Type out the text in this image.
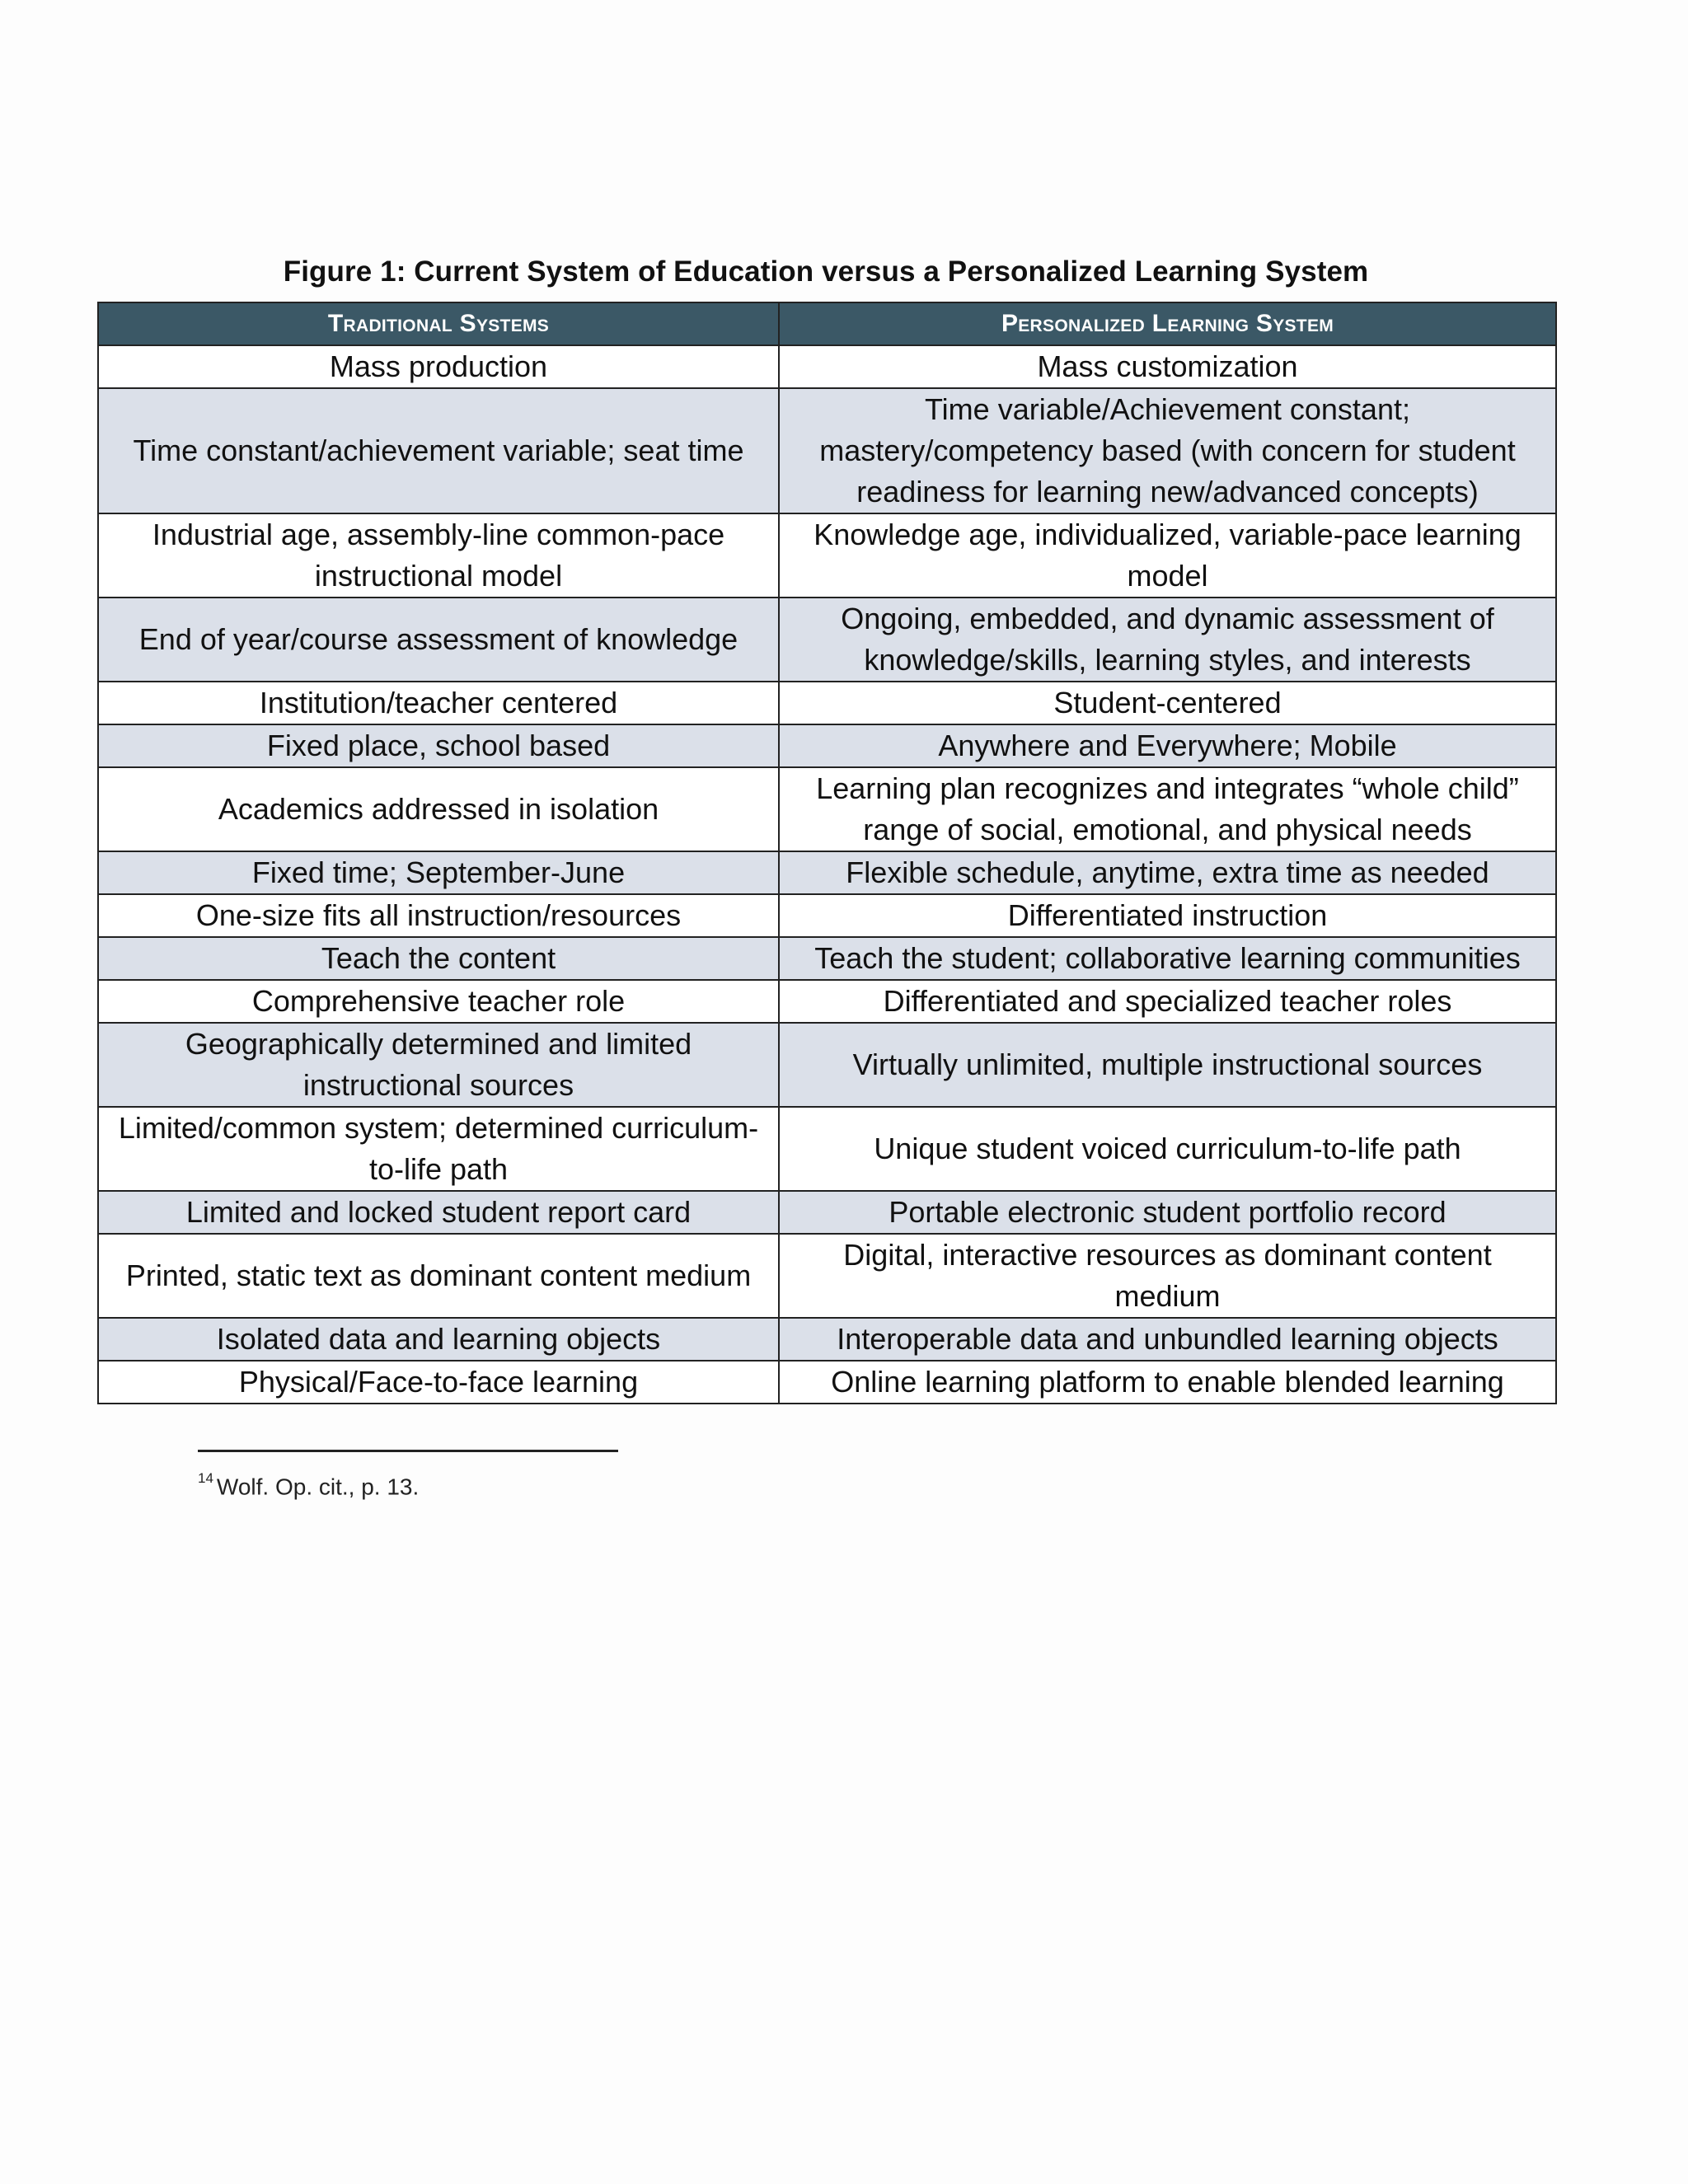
Figure 1: Current System of Education versus a Personalized Learning System
Traditional Systems	Personalized Learning System
Mass production	Mass customization
Time constant/achievement variable; seat time	Time variable/Achievement constant; mastery/competency based (with concern for student readiness for learning new/advanced concepts)
Industrial age, assembly-line common-pace instructional model	Knowledge age, individualized, variable-pace learning model
End of year/course assessment of knowledge	Ongoing, embedded, and dynamic assessment of knowledge/skills, learning styles, and interests
Institution/teacher centered	Student-centered
Fixed place, school based	Anywhere and Everywhere; Mobile
Academics addressed in isolation	Learning plan recognizes and integrates “whole child” range of social, emotional, and physical needs
Fixed time; September-June	Flexible schedule, anytime, extra time as needed
One-size fits all instruction/resources	Differentiated instruction
Teach the content	Teach the student; collaborative learning communities
Comprehensive teacher role	Differentiated and specialized teacher roles
Geographically determined and limited instructional sources	Virtually unlimited, multiple instructional sources
Limited/common system; determined curriculum-to-life path	Unique student voiced curriculum-to-life path
Limited and locked student report card	Portable electronic student portfolio record
Printed, static text as dominant content medium	Digital, interactive resources as dominant content medium
Isolated data and learning objects	Interoperable data and unbundled learning objects
Physical/Face-to-face learning	Online learning platform to enable blended learning
$^{14}$ Wolf. Op. cit., p. 13.
